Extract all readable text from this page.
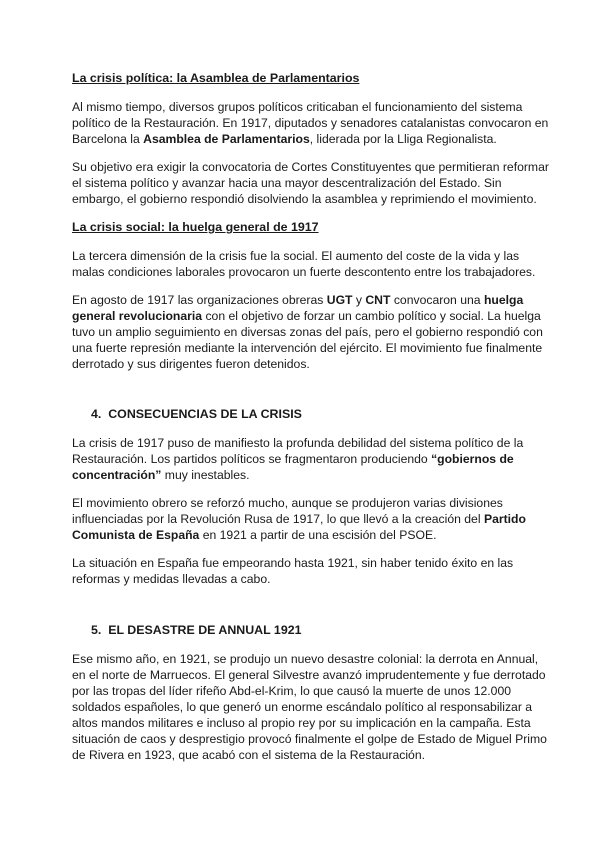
La crisis política: la Asamblea de Parlamentarios

Al mismo tiempo, diversos grupos políticos criticaban el funcionamiento del sistema político de la Restauración. En 1917, diputados y senadores catalanistas convocaron en Barcelona la Asamblea de Parlamentarios, liderada por la Lliga Regionalista.

Su objetivo era exigir la convocatoria de Cortes Constituyentes que permitieran reformar el sistema político y avanzar hacia una mayor descentralización del Estado. Sin embargo, el gobierno respondió disolviendo la asamblea y reprimiendo el movimiento.

La crisis social: la huelga general de 1917

La tercera dimensión de la crisis fue la social. El aumento del coste de la vida y las malas condiciones laborales provocaron un fuerte descontento entre los trabajadores.

En agosto de 1917 las organizaciones obreras UGT y CNT convocaron una huelga general revolucionaria con el objetivo de forzar un cambio político y social. La huelga tuvo un amplio seguimiento en diversas zonas del país, pero el gobierno respondió con una fuerte represión mediante la intervención del ejército. El movimiento fue finalmente derrotado y sus dirigentes fueron detenidos.

4. CONSECUENCIAS DE LA CRISIS

La crisis de 1917 puso de manifiesto la profunda debilidad del sistema político de la Restauración. Los partidos políticos se fragmentaron produciendo “gobiernos de concentración” muy inestables.

El movimiento obrero se reforzó mucho, aunque se produjeron varias divisiones influenciadas por la Revolución Rusa de 1917, lo que llevó a la creación del Partido Comunista de España en 1921 a partir de una escisión del PSOE.

La situación en España fue empeorando hasta 1921, sin haber tenido éxito en las reformas y medidas llevadas a cabo.

5. EL DESASTRE DE ANNUAL 1921

Ese mismo año, en 1921, se produjo un nuevo desastre colonial: la derrota en Annual, en el norte de Marruecos. El general Silvestre avanzó imprudentemente y fue derrotado por las tropas del líder rifeño Abd-el-Krim, lo que causó la muerte de unos 12.000 soldados españoles, lo que generó un enorme escándalo político al responsabilizar a altos mandos militares e incluso al propio rey por su implicación en la campaña. Esta situación de caos y desprestigio provocó finalmente el golpe de Estado de Miguel Primo de Rivera en 1923, que acabó con el sistema de la Restauración.
